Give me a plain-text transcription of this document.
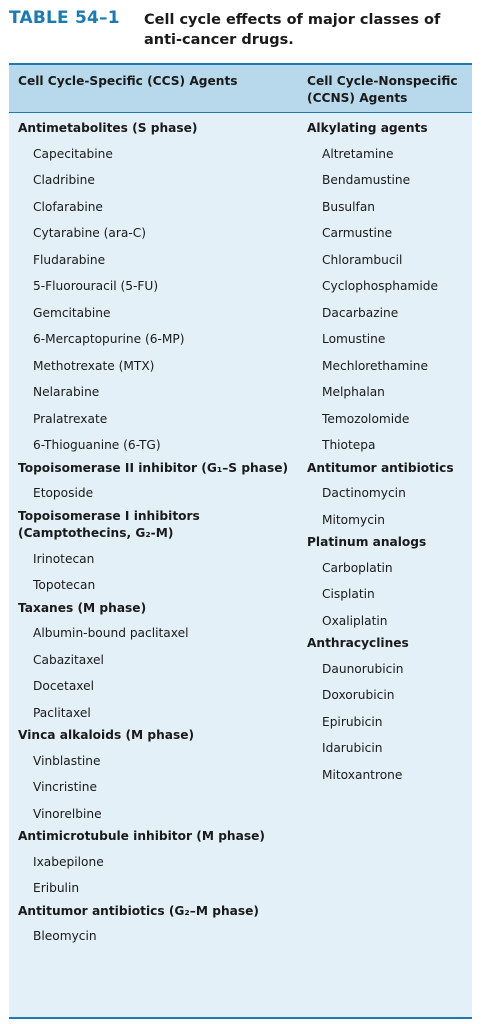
TABLE 54–1 Cell cycle effects of major classes of anti-cancer drugs.
Cell Cycle-Specific (CCS) Agents	Cell Cycle-Nonspecific (CCNS) Agents
Antimetabolites (S phase)
Capecitabine
Cladribine
Clofarabine
Cytarabine (ara-C)
Fludarabine
5-Fluorouracil (5-FU)
Gemcitabine
6-Mercaptopurine (6-MP)
Methotrexate (MTX)
Nelarabine
Pralatrexate
6-Thioguanine (6-TG)
Topoisomerase II inhibitor (G₁–S phase)
Etoposide
Topoisomerase I inhibitors (Camptothecins, G₂-M)
Irinotecan
Topotecan
Taxanes (M phase)
Albumin-bound paclitaxel
Cabazitaxel
Docetaxel
Paclitaxel
Vinca alkaloids (M phase)
Vinblastine
Vincristine
Vinorelbine
Antimicrotubule inhibitor (M phase)
Ixabepilone
Eribulin
Antitumor antibiotics (G₂–M phase)
Bleomycin
Alkylating agents
Altretamine
Bendamustine
Busulfan
Carmustine
Chlorambucil
Cyclophosphamide
Dacarbazine
Lomustine
Mechlorethamine
Melphalan
Temozolomide
Thiotepa
Antitumor antibiotics
Dactinomycin
Mitomycin
Platinum analogs
Carboplatin
Cisplatin
Oxaliplatin
Anthracyclines
Daunorubicin
Doxorubicin
Epirubicin
Idarubicin
Mitoxantrone
